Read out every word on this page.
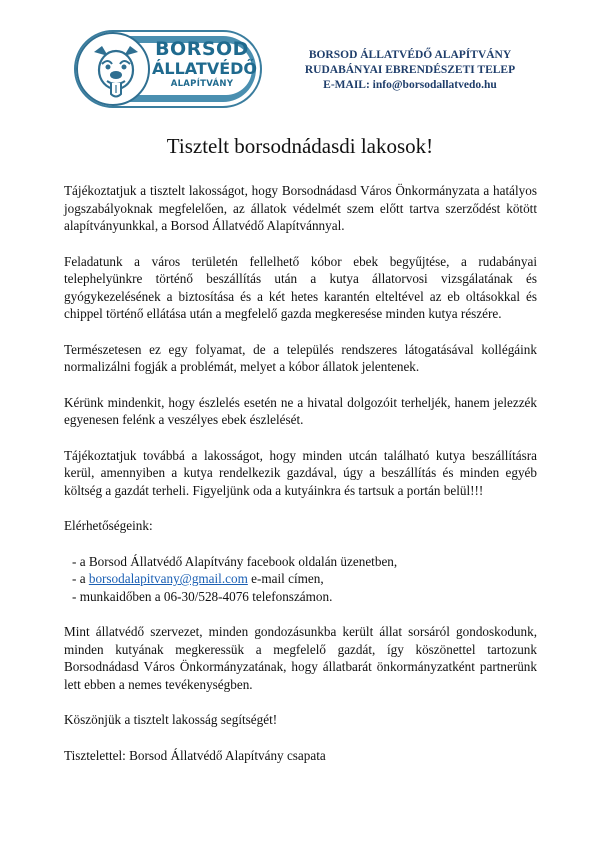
BORSOD
ÁLLATVÉDŐ
ALAPÍTVÁNY
BORSOD ÁLLATVÉDŐ ALAPÍTVÁNY
RUDABÁNYAI EBRENDÉSZETI TELEP
E-MAIL: info@borsodallatvedo.hu
Tisztelt borsodnádasdi lakosok!

Tájékoztatjuk a tisztelt lakosságot, hogy Borsodnádasd Város Önkormányzata a hatályos jogszabályoknak megfelelően, az állatok védelmét szem előtt tartva szerződést kötött alapítványunkkal, a Borsod Állatvédő Alapítvánnyal.

Feladatunk a város területén fellelhető kóbor ebek begyűjtése, a rudabányai telephelyünkre történő beszállítás után a kutya állatorvosi vizsgálatának és gyógykezelésének a biztosítása és a két hetes karantén elteltével az eb oltásokkal és chippel történő ellátása után a megfelelő gazda megkeresése minden kutya részére.

Természetesen ez egy folyamat, de a település rendszeres látogatásával kollégáink normalizálni fogják a problémát, melyet a kóbor állatok jelentenek.

Kérünk mindenkit, hogy észlelés esetén ne a hivatal dolgozóit terheljék, hanem jelezzék egyenesen felénk a veszélyes ebek észlelését.

Tájékoztatjuk továbbá a lakosságot, hogy minden utcán található kutya beszállításra kerül, amennyiben a kutya rendelkezik gazdával, úgy a beszállítás és minden egyéb költség a gazdát terheli. Figyeljünk oda a kutyáinkra és tartsuk a portán belül!!!

Elérhetőségeink:

- a Borsod Állatvédő Alapítvány facebook oldalán üzenetben,
- a borsodalapitvany@gmail.com e-mail címen,
- munkaidőben a 06-30/528-4076 telefonszámon.

Mint állatvédő szervezet, minden gondozásunkba került állat sorsáról gondoskodunk, minden kutyának megkeressük a megfelelő gazdát, így köszönettel tartozunk Borsodnádasd Város Önkormányzatának, hogy állatbarát önkormányzatként partnerünk lett ebben a nemes tevékenységben.

Köszönjük a tisztelt lakosság segítségét!

Tisztelettel: Borsod Állatvédő Alapítvány csapata
